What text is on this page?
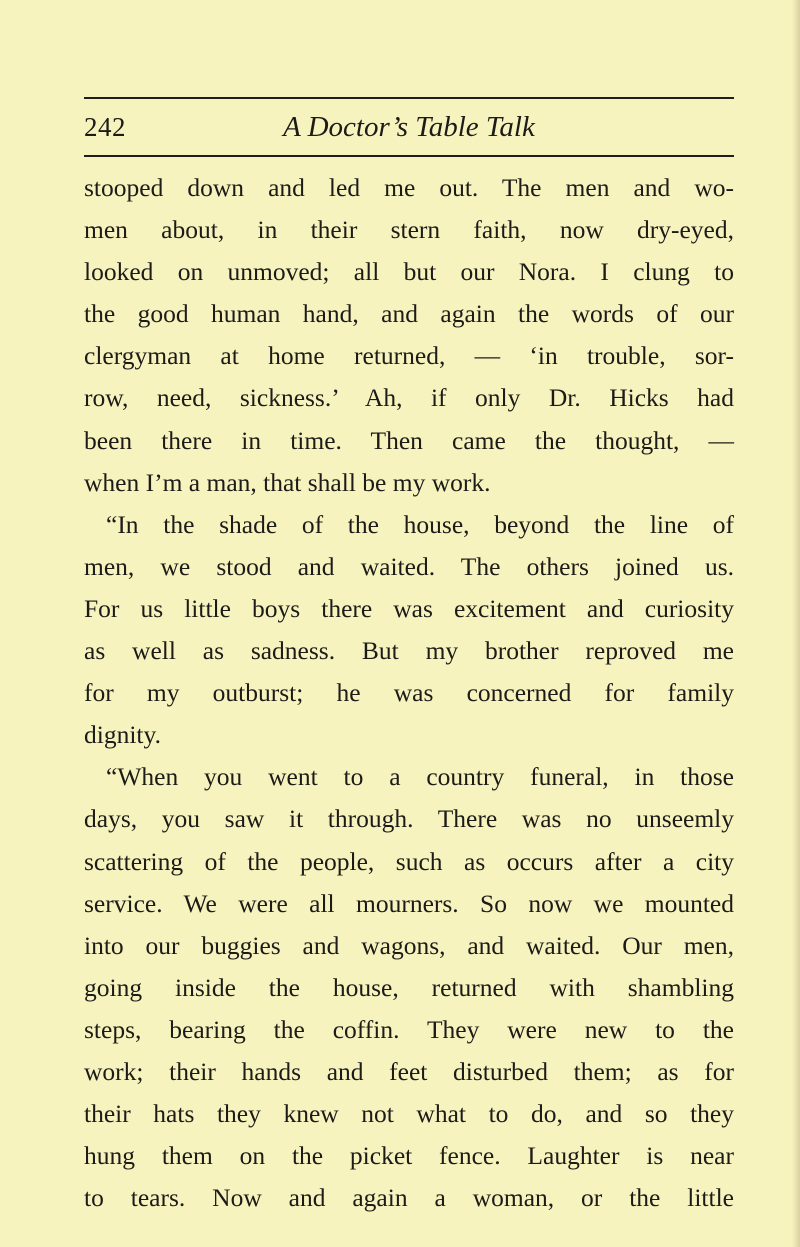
A Doctor’s Table Talk
242
stooped down and led me out. The men and wo-
men about, in their stern faith, now dry-eyed,
looked on unmoved; all but our Nora. I clung to
the good human hand, and again the words of our
clergyman at home returned, — ‘in trouble, sor-
row, need, sickness.’ Ah, if only Dr. Hicks had
been there in time. Then came the thought, —
when I’m a man, that shall be my work.
“In the shade of the house, beyond the line of
men, we stood and waited. The others joined us.
For us little boys there was excitement and curiosity
as well as sadness. But my brother reproved me
for my outburst; he was concerned for family
dignity.
“When you went to a country funeral, in those
days, you saw it through. There was no unseemly
scattering of the people, such as occurs after a city
service. We were all mourners. So now we mounted
into our buggies and wagons, and waited. Our men,
going inside the house, returned with shambling
steps, bearing the coffin. They were new to the
work; their hands and feet disturbed them; as for
their hats they knew not what to do, and so they
hung them on the picket fence. Laughter is near
to tears. Now and again a woman, or the little
